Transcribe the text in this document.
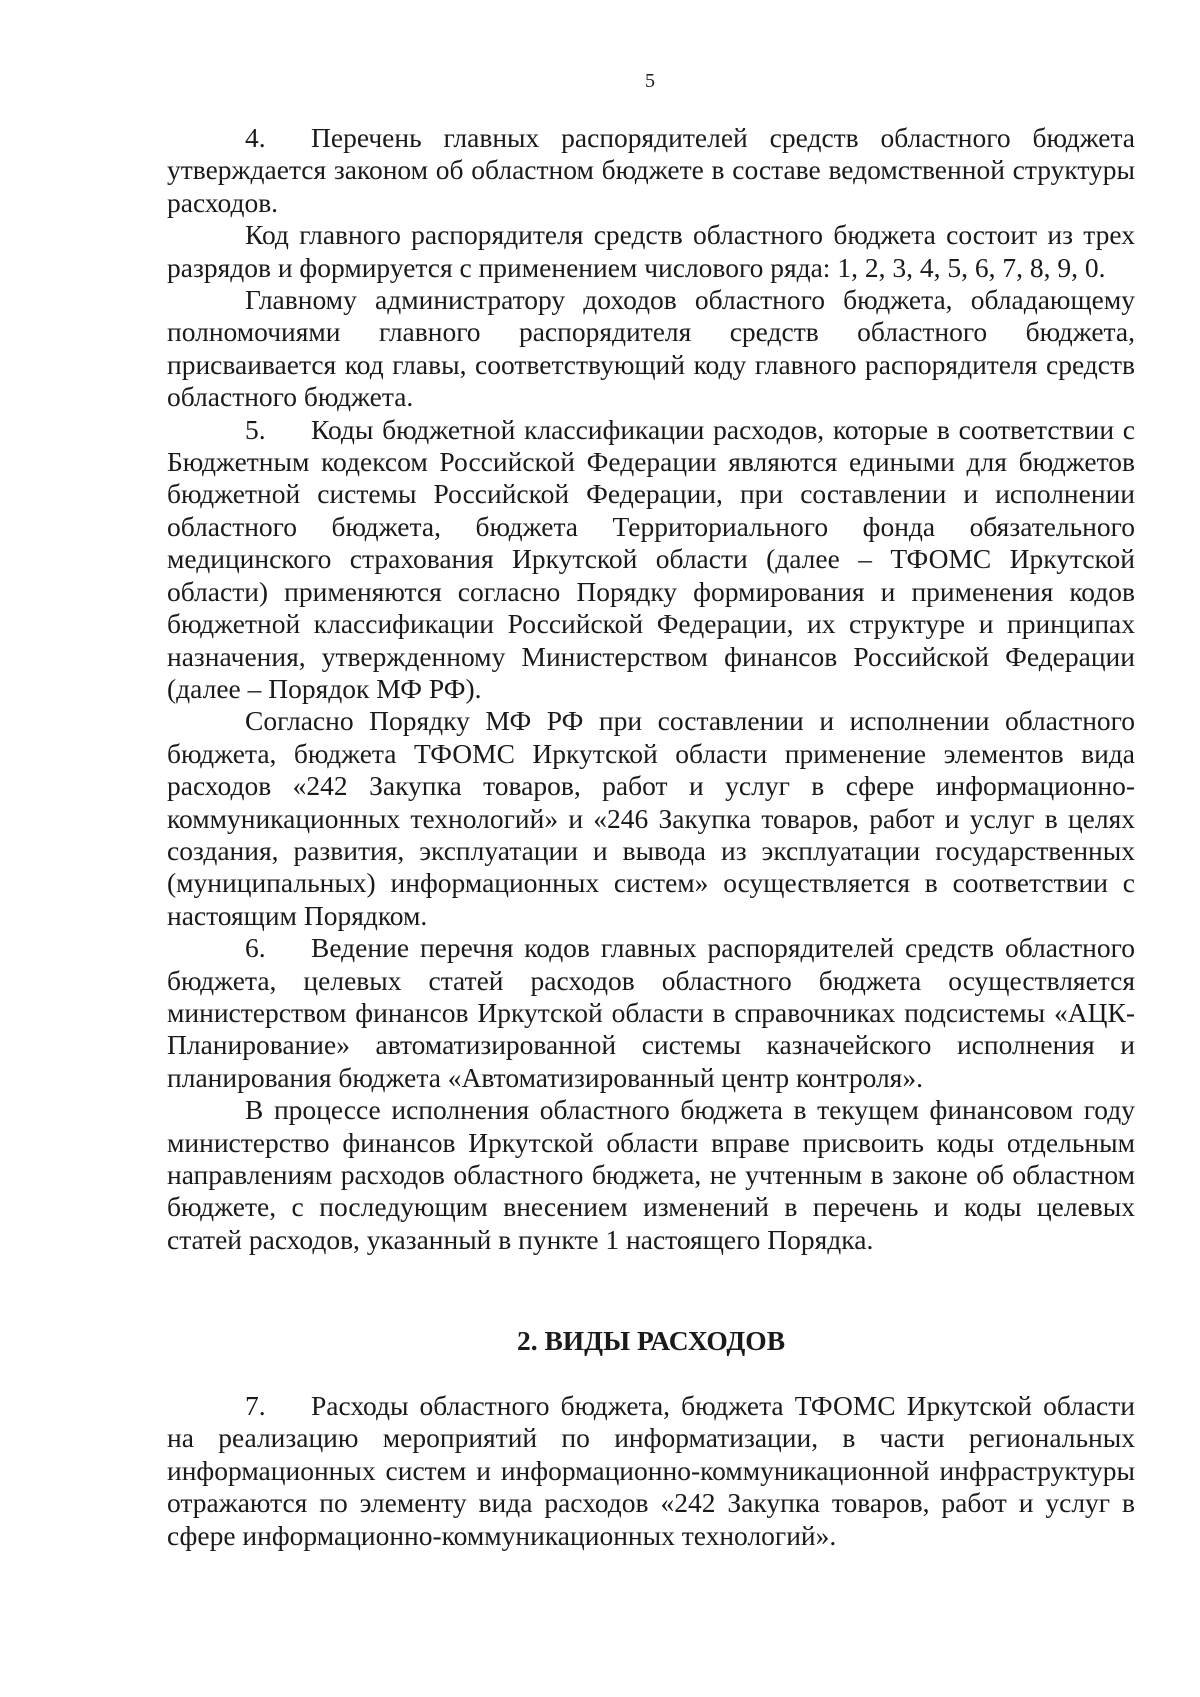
5

4. Перечень главных распорядителей средств областного бюджета утверждается законом об областном бюджете в составе ведомственной структуры расходов.

Код главного распорядителя средств областного бюджета состоит из трех разрядов и формируется с применением числового ряда: 1, 2, 3, 4, 5, 6, 7, 8, 9, 0.

Главному администратору доходов областного бюджета, обладающему полномочиями главного распорядителя средств областного бюджета, присваивается код главы, соответствующий коду главного распорядителя средств областного бюджета.

5. Коды бюджетной классификации расходов, которые в соответствии с Бюджетным кодексом Российской Федерации являются едиными для бюджетов бюджетной системы Российской Федерации, при составлении и исполнении областного бюджета, бюджета Территориального фонда обязательного медицинского страхования Иркутской области (далее – ТФОМС Иркутской области) применяются согласно Порядку формирования и применения кодов бюджетной классификации Российской Федерации, их структуре и принципах назначения, утвержденному Министерством финансов Российской Федерации (далее – Порядок МФ РФ).

Согласно Порядку МФ РФ при составлении и исполнении областного бюджета, бюджета ТФОМС Иркутской области применение элементов вида расходов «242 Закупка товаров, работ и услуг в сфере информационно-коммуникационных технологий» и «246 Закупка товаров, работ и услуг в целях создания, развития, эксплуатации и вывода из эксплуатации государственных (муниципальных) информационных систем» осуществляется в соответствии с настоящим Порядком.

6. Ведение перечня кодов главных распорядителей средств областного бюджета, целевых статей расходов областного бюджета осуществляется министерством финансов Иркутской области в справочниках подсистемы «АЦК-Планирование» автоматизированной системы казначейского исполнения и планирования бюджета «Автоматизированный центр контроля».

В процессе исполнения областного бюджета в текущем финансовом году министерство финансов Иркутской области вправе присвоить коды отдельным направлениям расходов областного бюджета, не учтенным в законе об областном бюджете, с последующим внесением изменений в перечень и коды целевых статей расходов, указанный в пункте 1 настоящего Порядка.

2. ВИДЫ РАСХОДОВ

7. Расходы областного бюджета, бюджета ТФОМС Иркутской области на реализацию мероприятий по информатизации, в части региональных информационных систем и информационно-коммуникационной инфраструктуры отражаются по элементу вида расходов «242 Закупка товаров, работ и услуг в сфере информационно-коммуникационных технологий».
